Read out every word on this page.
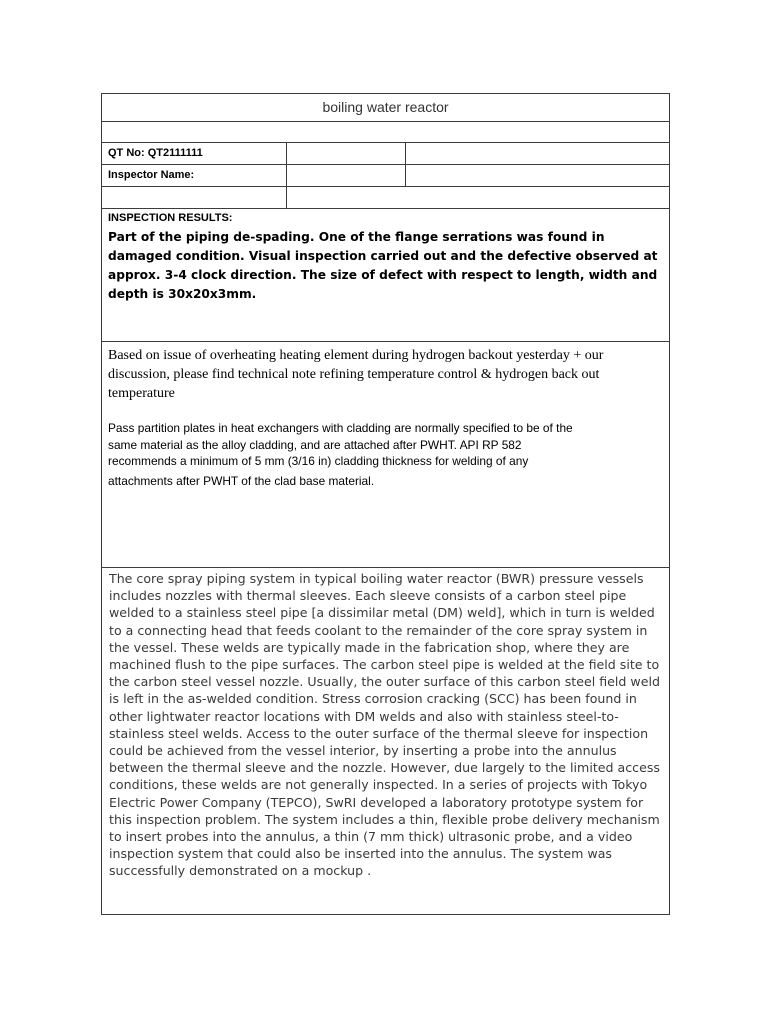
boiling water reactor		

QT No: QT2111111		
Inspector Name:		

INSPECTION RESULTS:
Part of the piping de-spading. One of the flange serrations was found in damaged condition. Visual inspection carried out and the defective observed at approx. 3-4 clock direction. The size of defect with respect to length, width and depth is 30x20x3mm.		

Based on issue of overheating heating element during hydrogen backout yesterday + our discussion, please find technical note refining temperature control & hydrogen back out temperature

Pass partition plates in heat exchangers with cladding are normally specified to be of the

same material as the alloy cladding, and are attached after PWHT. API RP 582

recommends a minimum of 5 mm (3/16 in) cladding thickness for welding of any

attachments after PWHT of the clad base material.		

The core spray piping system in typical boiling water reactor (BWR) pressure vessels includes nozzles with thermal sleeves. Each sleeve consists of a carbon steel pipe welded to a stainless steel pipe [a dissimilar metal (DM) weld], which in turn is welded to a connecting head that feeds coolant to the remainder of the core spray system in the vessel. These welds are typically made in the fabrication shop, where they are machined flush to the pipe surfaces. The carbon steel pipe is welded at the field site to the carbon steel vessel nozzle. Usually, the outer surface of this carbon steel field weld is left in the as-welded condition. Stress corrosion cracking (SCC) has been found in other lightwater reactor locations with DM welds and also with stainless steel-to-stainless steel welds. Access to the outer surface of the thermal sleeve for inspection could be achieved from the vessel interior, by inserting a probe into the annulus between the thermal sleeve and the nozzle. However, due largely to the limited access conditions, these welds are not generally inspected. In a series of projects with Tokyo Electric Power Company (TEPCO), SwRI developed a laboratory prototype system for this inspection problem. The system includes a thin, flexible probe delivery mechanism to insert probes into the annulus, a thin (7 mm thick) ultrasonic probe, and a video inspection system that could also be inserted into the annulus. The system was successfully demonstrated on a mockup .		
